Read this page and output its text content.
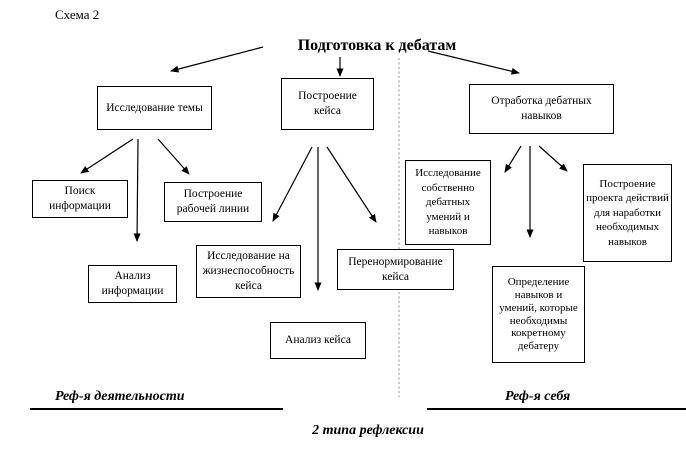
Схема 2
Подготовка к дебатам
Исследование темы
Построение кейса
Отработка дебатных навыков
Поиск информации
Построение рабочей линии
Анализ информации
Исследование на жизнеспособность кейса
Перенормирование кейса
Анализ кейса
Исследование собственно дебатных умений и навыков
Определение навыков и умений, которые необходимы кокретному дебатеру
Построение проекта действий для наработки необходимых навыков
Реф-я деятельности	Реф-я себя
2 типа рефлексии
